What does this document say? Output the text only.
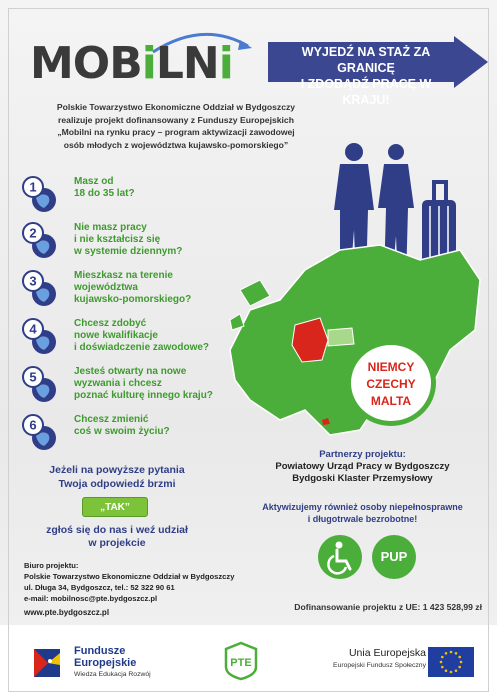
MOBiLNi	WYJEDŹ NA STAŻ ZA GRANICĘ
I ZDOBĄDŹ PRACĘ W KRAJU!
Polskie Towarzystwo Ekonomiczne Oddział w Bydgoszczy
realizuje projekt dofinansowany z Funduszy Europejskich
„Mobilni na rynku pracy – program aktywizacji zawodowej
osób młodych z województwa kujawsko-pomorskiego”
1	Masz od
18 do 35 lat?
2	Nie masz pracy
i nie kształcisz się
w systemie dziennym?
3	Mieszkasz na terenie
województwa
kujawsko-pomorskiego?
4	Chcesz zdobyć
nowe kwalifikacje
i doświadczenie zawodowe?
5	Jesteś otwarty na nowe
wyzwania i chcesz
poznać kulturę innego kraju?
6	Chcesz zmienić
coś w swoim życiu?
Jeżeli na powyższe pytania
Twoja odpowiedź brzmi
„TAK”
zgłoś się do nas i weź udział
w projekcie
NIEMCY
CZECHY
MALTA
Partnerzy projektu:
Powiatowy Urząd Pracy w Bydgoszczy
Bydgoski Klaster Przemysłowy
Aktywizujemy również osoby niepełnosprawne
i długotrwale bezrobotne!
PUP
Biuro projektu:
Polskie Towarzystwo Ekonomiczne Oddział w Bydgoszczy
ul. Długa 34, Bydgoszcz, tel.: 52 322 90 61
e-mail: mobilnosc@pte.bydgoszcz.pl
www.pte.bydgoszcz.pl
Dofinansowanie projektu z UE: 1 423 528,99 zł
Fundusze
Europejskie
Wiedza Edukacja Rozwój
PTE
Unia Europejska
Europejski Fundusz Społeczny
